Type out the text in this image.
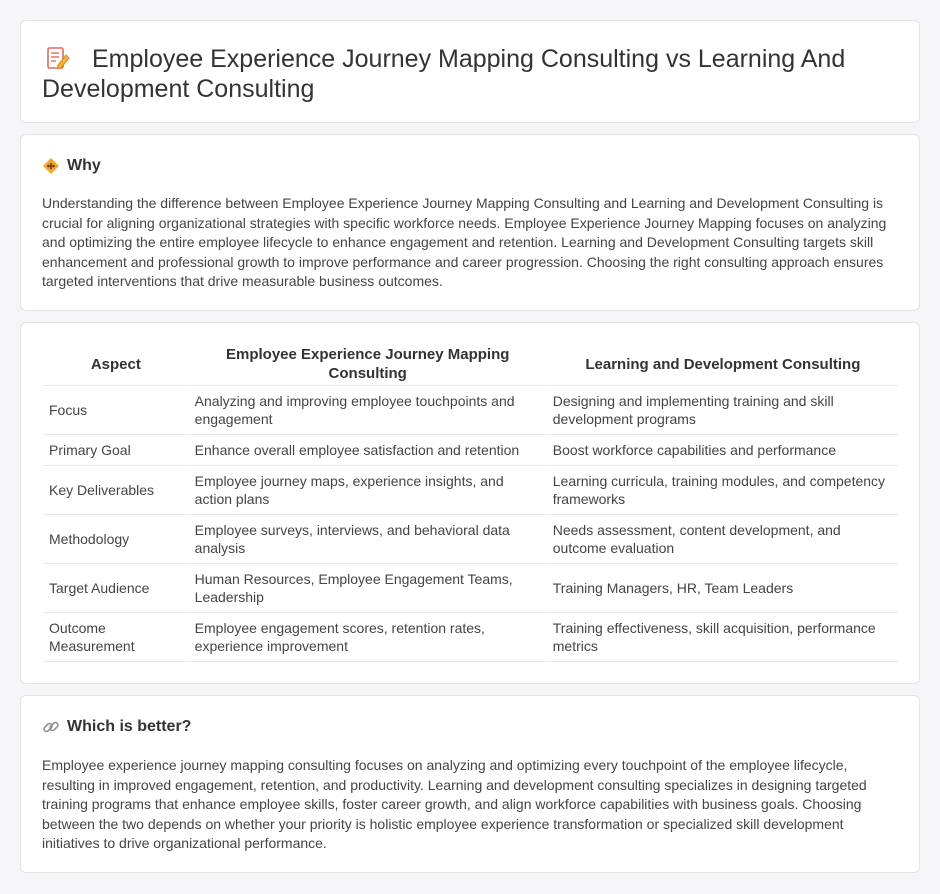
Employee Experience Journey Mapping Consulting vs Learning And Development Consulting
Why

Understanding the difference between Employee Experience Journey Mapping Consulting and Learning and Development Consulting is crucial for aligning organizational strategies with specific workforce needs. Employee Experience Journey Mapping focuses on analyzing and optimizing the entire employee lifecycle to enhance engagement and retention. Learning and Development Consulting targets skill enhancement and professional growth to improve performance and career progression. Choosing the right consulting approach ensures targeted interventions that drive measurable business outcomes.

Aspect	Employee Experience Journey Mapping Consulting	Learning and Development Consulting
Focus	Analyzing and improving employee touchpoints and engagement	Designing and implementing training and skill development programs
Primary Goal	Enhance overall employee satisfaction and retention	Boost workforce capabilities and performance
Key Deliverables	Employee journey maps, experience insights, and action plans	Learning curricula, training modules, and competency frameworks
Methodology	Employee surveys, interviews, and behavioral data analysis	Needs assessment, content development, and outcome evaluation
Target Audience	Human Resources, Employee Engagement Teams, Leadership	Training Managers, HR, Team Leaders
Outcome Measurement	Employee engagement scores, retention rates, experience improvement	Training effectiveness, skill acquisition, performance metrics
Which is better?

Employee experience journey mapping consulting focuses on analyzing and optimizing every touchpoint of the employee lifecycle, resulting in improved engagement, retention, and productivity. Learning and development consulting specializes in designing targeted training programs that enhance employee skills, foster career growth, and align workforce capabilities with business goals. Choosing between the two depends on whether your priority is holistic employee experience transformation or specialized skill development initiatives to drive organizational performance.
